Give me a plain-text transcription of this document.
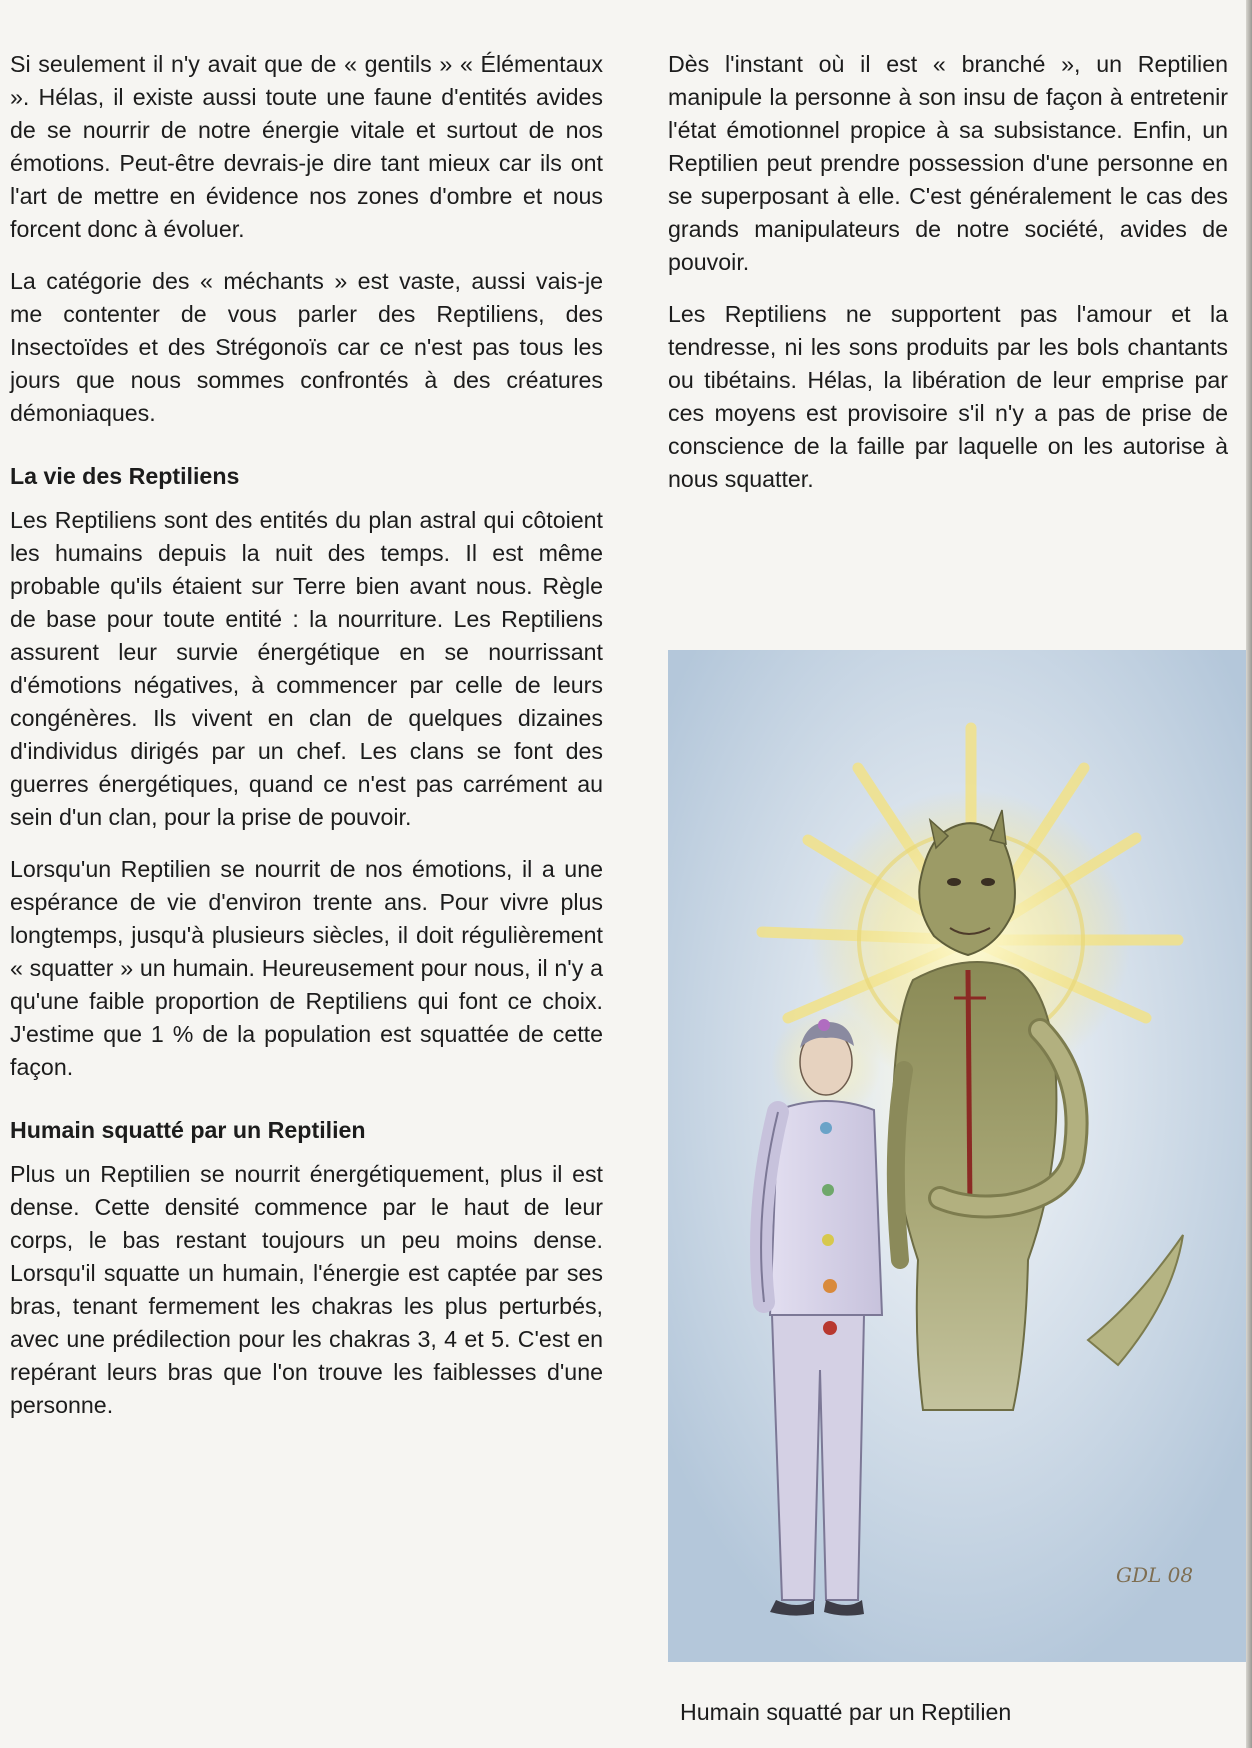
Si seulement il n'y avait que de « gentils » « Élémentaux ». Hélas, il existe aussi toute une faune d'entités avides de se nourrir de notre énergie vitale et surtout de nos émotions. Peut-être devrais-je dire tant mieux car ils ont l'art de mettre en évidence nos zones d'ombre et nous forcent donc à évoluer.

La catégorie des « méchants » est vaste, aussi vais-je me contenter de vous parler des Reptiliens, des Insectoïdes et des Strégonoïs car ce n'est pas tous les jours que nous sommes confrontés à des créatures démoniaques.

La vie des Reptiliens

Les Reptiliens sont des entités du plan astral qui côtoient les humains depuis la nuit des temps. Il est même probable qu'ils étaient sur Terre bien avant nous. Règle de base pour toute entité : la nourriture. Les Reptiliens assurent leur survie énergétique en se nourrissant d'émotions négatives, à commencer par celle de leurs congénères. Ils vivent en clan de quelques dizaines d'individus dirigés par un chef. Les clans se font des guerres énergétiques, quand ce n'est pas carrément au sein d'un clan, pour la prise de pouvoir.

Lorsqu'un Reptilien se nourrit de nos émotions, il a une espérance de vie d'environ trente ans. Pour vivre plus longtemps, jusqu'à plusieurs siècles, il doit régulièrement « squatter » un humain. Heureusement pour nous, il n'y a qu'une faible proportion de Reptiliens qui font ce choix. J'estime que 1 % de la population est squattée de cette façon.

Humain squatté par un Reptilien

Plus un Reptilien se nourrit énergétiquement, plus il est dense. Cette densité commence par le haut de leur corps, le bas restant toujours un peu moins dense. Lorsqu'il squatte un humain, l'énergie est captée par ses bras, tenant fermement les chakras les plus perturbés, avec une prédilection pour les chakras 3, 4 et 5. C'est en repérant leurs bras que l'on trouve les faiblesses d'une personne.

Dès l'instant où il est « branché », un Reptilien manipule la personne à son insu de façon à entretenir l'état émotionnel propice à sa subsistance. Enfin, un Reptilien peut prendre possession d'une personne en se superposant à elle. C'est généralement le cas des grands manipulateurs de notre société, avides de pouvoir.

Les Reptiliens ne supportent pas l'amour et la tendresse, ni les sons produits par les bols chantants ou tibétains. Hélas, la libération de leur emprise par ces moyens est provisoire s'il n'y a pas de prise de conscience de la faille par laquelle on les autorise à nous squatter.

GDL 08

Humain squatté par un Reptilien
